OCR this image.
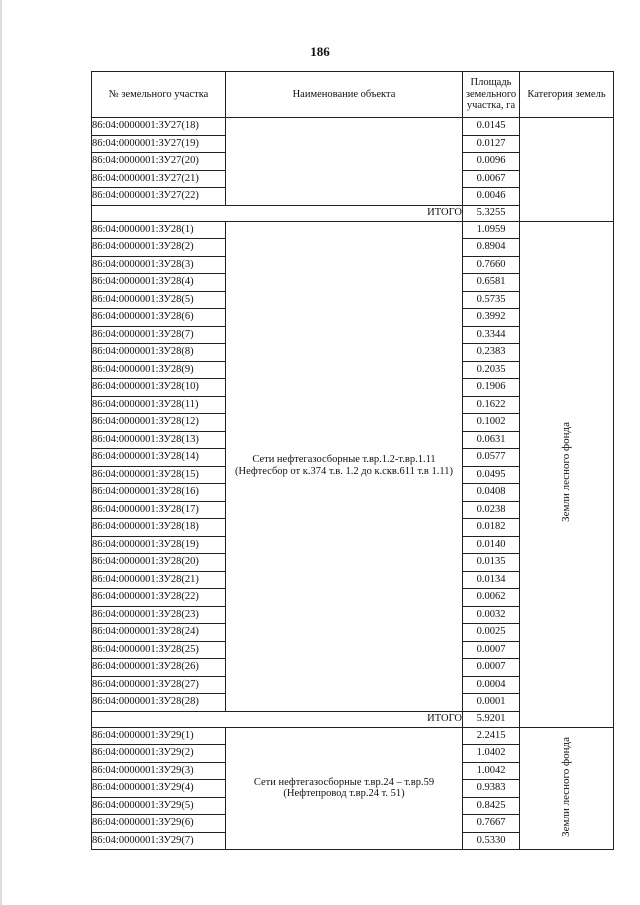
186
№ земельного участка	Наименование объекта	Площадь земельного участка, га	Категория земель
86:04:0000001:ЗУ27(18)		0.0145	
86:04:0000001:ЗУ27(19)		0.0127	
86:04:0000001:ЗУ27(20)		0.0096	
86:04:0000001:ЗУ27(21)		0.0067	
86:04:0000001:ЗУ27(22)		0.0046	
ИТОГО		5.3255	
86:04:0000001:ЗУ28(1)	Сети нефтегазосборные т.вр.1.2-т.вр.1.11 (Нефтесбор от к.374 т.в. 1.2 до к.скв.611 т.в 1.11)	1.0959	Земли лесного фонда
86:04:0000001:ЗУ28(2)		0.8904	
86:04:0000001:ЗУ28(3)		0.7660	
86:04:0000001:ЗУ28(4)		0.6581	
86:04:0000001:ЗУ28(5)		0.5735	
86:04:0000001:ЗУ28(6)		0.3992	
86:04:0000001:ЗУ28(7)		0.3344	
86:04:0000001:ЗУ28(8)		0.2383	
86:04:0000001:ЗУ28(9)		0.2035	
86:04:0000001:ЗУ28(10)		0.1906	
86:04:0000001:ЗУ28(11)		0.1622	
86:04:0000001:ЗУ28(12)		0.1002	
86:04:0000001:ЗУ28(13)		0.0631	
86:04:0000001:ЗУ28(14)		0.0577	
86:04:0000001:ЗУ28(15)		0.0495	
86:04:0000001:ЗУ28(16)		0.0408	
86:04:0000001:ЗУ28(17)		0.0238	
86:04:0000001:ЗУ28(18)		0.0182	
86:04:0000001:ЗУ28(19)		0.0140	
86:04:0000001:ЗУ28(20)		0.0135	
86:04:0000001:ЗУ28(21)		0.0134	
86:04:0000001:ЗУ28(22)		0.0062	
86:04:0000001:ЗУ28(23)		0.0032	
86:04:0000001:ЗУ28(24)		0.0025	
86:04:0000001:ЗУ28(25)		0.0007	
86:04:0000001:ЗУ28(26)		0.0007	
86:04:0000001:ЗУ28(27)		0.0004	
86:04:0000001:ЗУ28(28)		0.0001	
ИТОГО		5.9201	
86:04:0000001:ЗУ29(1)	Сети нефтегазосборные т.вр.24 – т.вр.59 (Нефтепровод т.вр.24 т. 51)	2.2415	Земли лесного фонда
86:04:0000001:ЗУ29(2)		1.0402	
86:04:0000001:ЗУ29(3)		1.0042	
86:04:0000001:ЗУ29(4)		0.9383	
86:04:0000001:ЗУ29(5)		0.8425	
86:04:0000001:ЗУ29(6)		0.7667	
86:04:0000001:ЗУ29(7)		0.5330	
